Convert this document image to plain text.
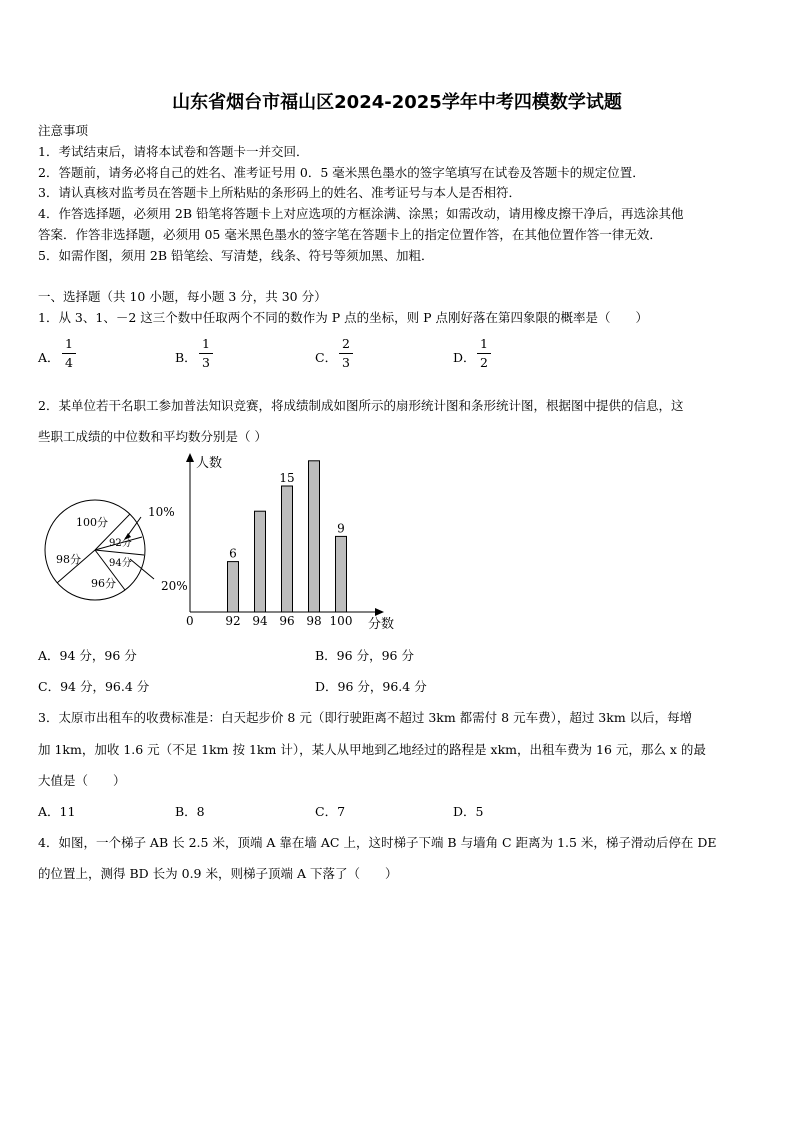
山东省烟台市福山区2024-2025学年中考四模数学试题
注意事项
1．考试结束后，请将本试卷和答题卡一并交回．
2．答题前，请务必将自己的姓名、准考证号用 0．5 毫米黑色墨水的签字笔填写在试卷及答题卡的规定位置．
3．请认真核对监考员在答题卡上所粘贴的条形码上的姓名、准考证号与本人是否相符．
4．作答选择题，必须用 2B 铅笔将答题卡上对应选项的方框涂满、涂黑；如需改动，请用橡皮擦干净后，再选涂其他
答案．作答非选择题，必须用 05 毫米黑色墨水的签字笔在答题卡上的指定位置作答，在其他位置作答一律无效．
5．如需作图，须用 2B 铅笔绘、写清楚，线条、符号等须加黑、加粗．
一、选择题（共 10 小题，每小题 3 分，共 30 分）
1．从 3、1、－2 这三个数中任取两个不同的数作为 P 点的坐标，则 P 点刚好落在第四象限的概率是（　　）
A．
1
4	B．
1
3	C．
2
3	D．
1
2
2．某单位若干名职工参加普法知识竞赛，将成绩制成如图所示的扇形统计图和条形统计图，根据图中提供的信息，这
些职工成绩的中位数和平均数分别是（ ）
100分
98分
96分
94分
92分
10%
20%
人数
分数
0	92
6
94 96
15
98 100
9
A．94 分，96 分	B．96 分，96 分
C．94 分，96.4 分	D．96 分，96.4 分
3．太原市出租车的收费标准是：白天起步价 8 元（即行驶距离不超过 3km 都需付 8 元车费），超过 3km 以后，每增
加 1km，加收 1.6 元（不足 1km 按 1km 计），某人从甲地到乙地经过的路程是 xkm，出租车费为 16 元，那么 x 的最
大值是（　　）
A．11	B．8	C．7	D．5
4．如图，一个梯子 AB 长 2.5 米，顶端 A 靠在墙 AC 上，这时梯子下端 B 与墙角 C 距离为 1.5 米，梯子滑动后停在 DE
的位置上，测得 BD 长为 0.9 米，则梯子顶端 A 下落了（　　）
